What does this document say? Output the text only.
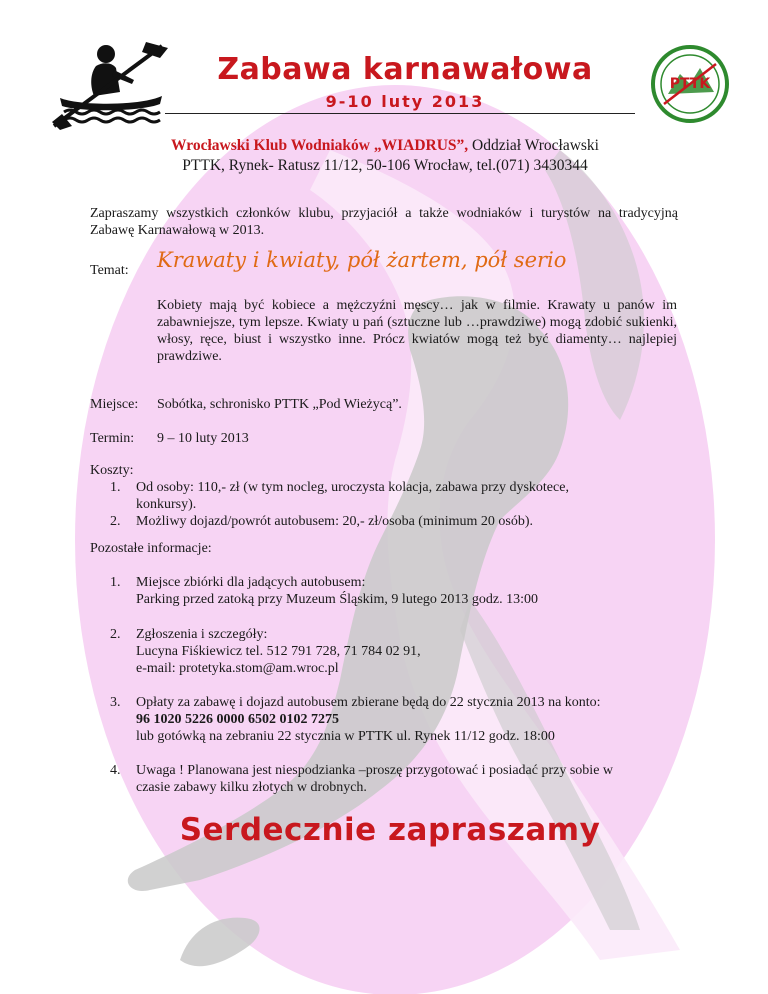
PTTK
Zabawa karnawałowa
9-10 luty 2013
Wrocławski Klub Wodniaków „WIADRUS”, Oddział Wrocławski
PTTK, Rynek- Ratusz 11/12, 50-106 Wrocław, tel.(071) 3430344
Zapraszamy wszystkich członków klubu, przyjaciół a także wodniaków i turystów na tradycyjną Zabawę Karnawałową w 2013.
Temat: Krawaty i kwiaty, pół żartem, pół serio
Kobiety mają być kobiece a mężczyźni męscy… jak w filmie. Krawaty u panów im zabawniejsze, tym lepsze. Kwiaty u pań (sztuczne lub …prawdziwe) mogą zdobić sukienki, włosy, ręce, biust i wszystko inne. Prócz kwiatów mogą też być diamenty… najlepiej prawdziwe.
Miejsce: Sobótka, schronisko PTTK „Pod Wieżycą”.
Termin: 9 – 10 luty 2013
Koszty:
1. Od osoby: 110,- zł (w tym nocleg, uroczysta kolacja, zabawa przy dyskotece,
konkursy).
2. Możliwy dojazd/powrót autobusem: 20,- zł/osoba (minimum 20 osób).
Pozostałe informacje:
1. Miejsce zbiórki dla jadących autobusem:
Parking przed zatoką przy Muzeum Śląskim, 9 lutego 2013 godz. 13:00
2. Zgłoszenia i szczegóły:
Lucyna Fiśkiewicz tel. 512 791 728, 71 784 02 91,
e-mail: protetyka.stom@am.wroc.pl
3. Opłaty za zabawę i dojazd autobusem zbierane będą do 22 stycznia 2013 na konto:
96 1020 5226 0000 6502 0102 7275
lub gotówką na zebraniu 22 stycznia w PTTK ul. Rynek 11/12 godz. 18:00
4. Uwaga ! Planowana jest niespodzianka –proszę przygotować i posiadać przy sobie w
czasie zabawy kilku złotych w drobnych.
Serdecznie zapraszamy
